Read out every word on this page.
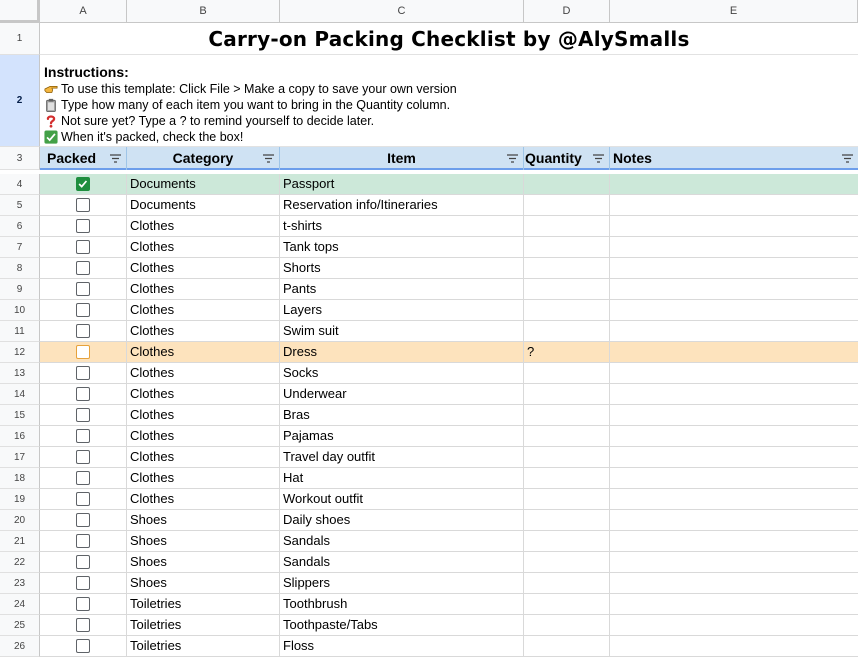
A	B	C	D	E
1
2
3
Carry-on Packing Checklist by @AlySmalls
Instructions:
To use this template: Click File > Make a copy to save your own version
Type how many of each item you want to bring in the Quantity column.
Not sure yet? Type a ? to remind yourself to decide later.
When it's packed, check the box!
Packed	Category	Item	Quantity	Notes
4	Documents	Passport
5	Documents	Reservation info/Itineraries
6	Clothes	t-shirts
7	Clothes	Tank tops
8	Clothes	Shorts
9	Clothes	Pants
10	Clothes	Layers
11	Clothes	Swim suit
12	Clothes	Dress	?
13	Clothes	Socks
14	Clothes	Underwear
15	Clothes	Bras
16	Clothes	Pajamas
17	Clothes	Travel day outfit
18	Clothes	Hat
19	Clothes	Workout outfit
20	Shoes	Daily shoes
21	Shoes	Sandals
22	Shoes	Sandals
23	Shoes	Slippers
24	Toiletries	Toothbrush
25	Toiletries	Toothpaste/Tabs
26	Toiletries	Floss
